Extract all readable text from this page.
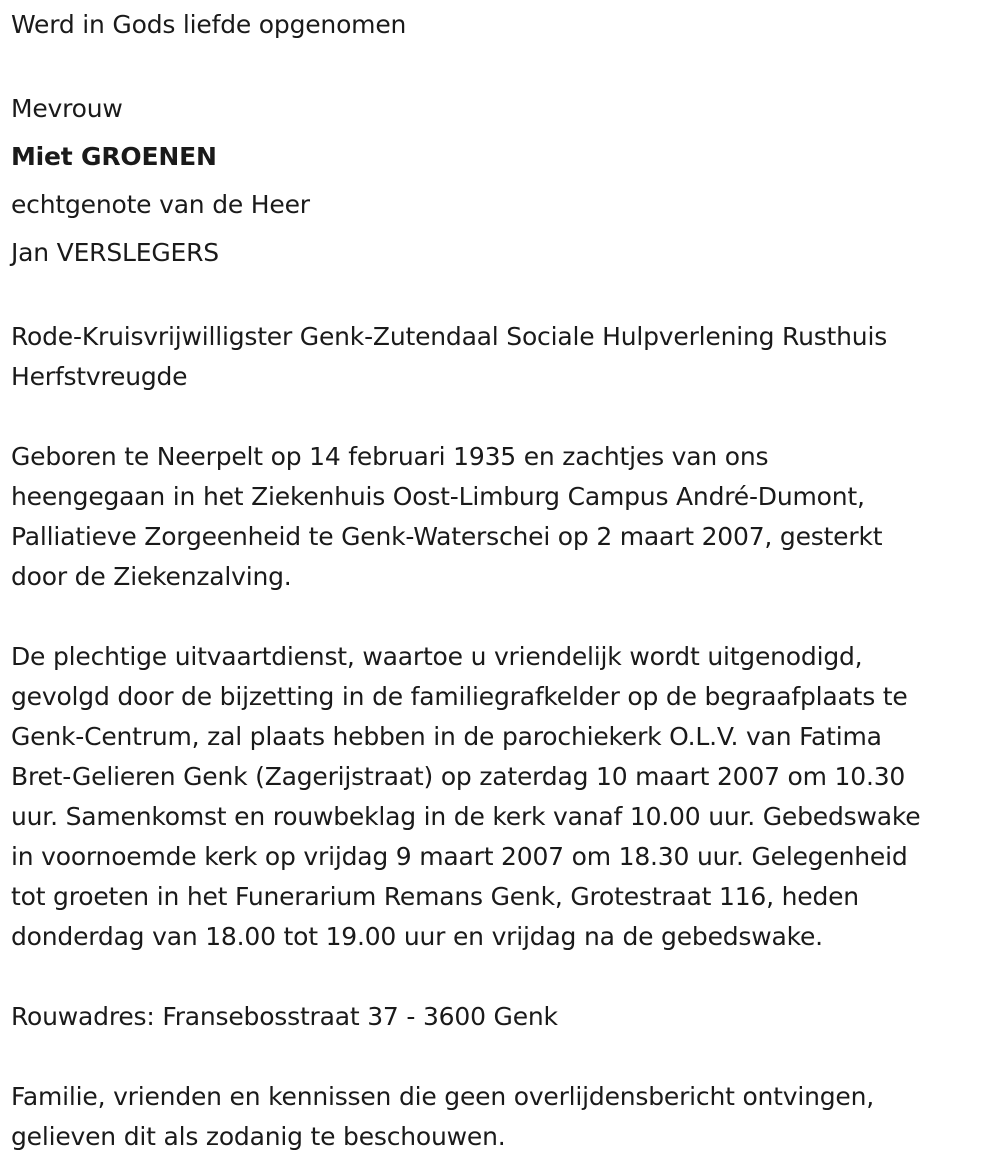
Werd in Gods liefde opgenomen
Mevrouw
Miet GROENEN
echtgenote van de Heer
Jan VERSLEGERS
Rode-Kruisvrijwilligster Genk-Zutendaal Sociale Hulpverlening Rusthuis
Herfstvreugde
Geboren te Neerpelt op 14 februari 1935 en zachtjes van ons
heengegaan in het Ziekenhuis Oost-Limburg Campus André-Dumont,
Palliatieve Zorgeenheid te Genk-Waterschei op 2 maart 2007, gesterkt
door de Ziekenzalving.
De plechtige uitvaartdienst, waartoe u vriendelijk wordt uitgenodigd,
gevolgd door de bijzetting in de familiegrafkelder op de begraafplaats te
Genk-Centrum, zal plaats hebben in de parochiekerk O.L.V. van Fatima
Bret-Gelieren Genk (Zagerijstraat) op zaterdag 10 maart 2007 om 10.30
uur. Samenkomst en rouwbeklag in de kerk vanaf 10.00 uur. Gebedswake
in voornoemde kerk op vrijdag 9 maart 2007 om 18.30 uur. Gelegenheid
tot groeten in het Funerarium Remans Genk, Grotestraat 116, heden
donderdag van 18.00 tot 19.00 uur en vrijdag na de gebedswake.
Rouwadres: Fransebosstraat 37 - 3600 Genk
Familie, vrienden en kennissen die geen overlijdensbericht ontvingen,
gelieven dit als zodanig te beschouwen.
